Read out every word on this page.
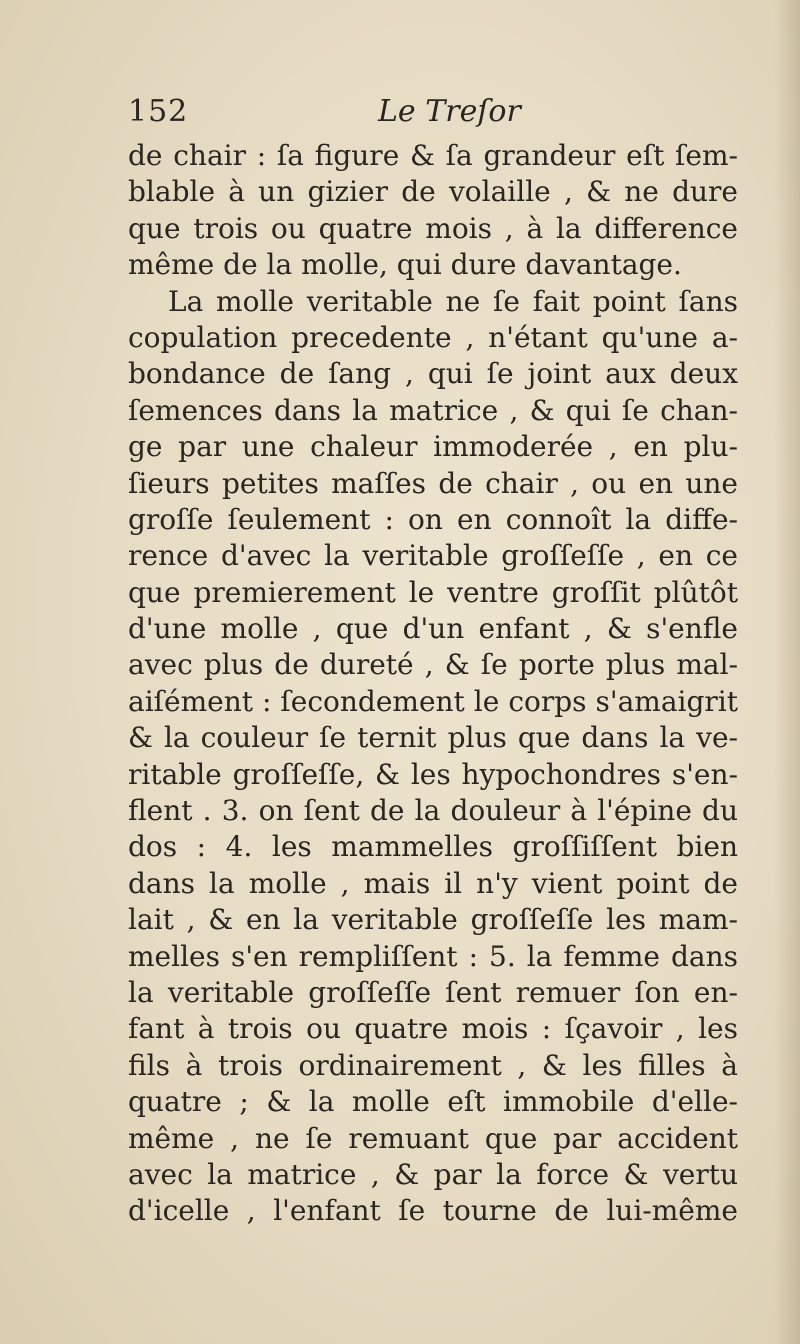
152	Le Treſor
de chair : ſa figure & ſa grandeur eſt ſem-
blable à un gizier de volaille , & ne dure
que trois ou quatre mois , à la difference
même de la molle, qui dure davantage.
La molle veritable ne ſe fait point ſans
copulation precedente , n'étant qu'une a-
bondance de ſang , qui ſe joint aux deux
ſemences dans la matrice , & qui ſe chan-
ge par une chaleur immoderée , en plu-
ſieurs petites maſſes de chair , ou en une
groſſe ſeulement : on en connoît la diffe-
rence d'avec la veritable groſſeſſe , en ce
que premierement le ventre groſſit plûtôt
d'une molle , que d'un enfant , & s'enfle
avec plus de dureté , & ſe porte plus mal-
aiſément : ſecondement le corps s'amaigrit
& la couleur ſe ternit plus que dans la ve-
ritable groſſeſſe, & les hypochondres s'en-
flent . 3. on ſent de la douleur à l'épine du
dos : 4. les mammelles groſſiſſent bien
dans la molle , mais il n'y vient point de
lait , & en la veritable groſſeſſe les mam-
melles s'en rempliſſent : 5. la femme dans
la veritable groſſeſſe ſent remuer ſon en-
fant à trois ou quatre mois : ſçavoir , les
fils à trois ordinairement , & les filles à
quatre ; & la molle eſt immobile d'elle-
même , ne ſe remuant que par accident
avec la matrice , & par la force & vertu
d'icelle , l'enfant ſe tourne de lui-même
